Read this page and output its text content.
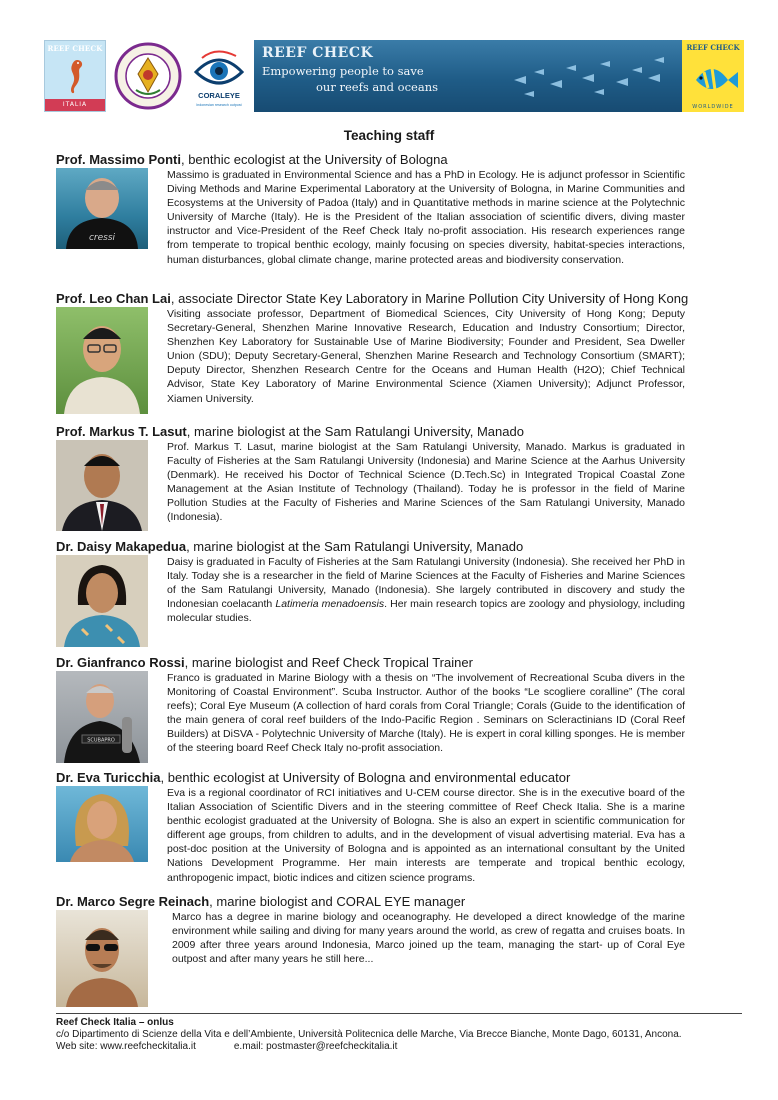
REEF CHECK
ITALIA
CORALEYE
Indonesian research outpost
REEF CHECK
Empowering people to save
our reefs and oceans
REEF CHECK
WORLDWIDE
Teaching staff
Prof. Massimo Ponti, benthic ecologist at the University of Bologna
cressi
Massimo is graduated in Environmental Science and has a PhD in Ecology. He is adjunct professor in Scientific Diving Methods and Marine Experimental Laboratory at the University of Bologna, in Marine Communities and Ecosystems at the University of Padoa (Italy) and in Quantitative methods in marine science at the Polytechnic University of Marche (Italy). He is the President of the Italian association of scientific divers, diving master instructor and Vice-President of the Reef Check Italy no-profit association. His research experiences range from temperate to tropical benthic ecology, mainly focusing on species diversity, habitat-species interactions, human disturbances, global climate change, marine protected areas and biodiversity conservation.
Prof. Leo Chan Lai, associate Director State Key Laboratory in Marine Pollution City University of Hong Kong
Visiting associate professor, Department of Biomedical Sciences, City University of Hong Kong; Deputy Secretary-General, Shenzhen Marine Innovative Research, Education and Industry Consortium; Director, Shenzhen Key Laboratory for Sustainable Use of Marine Biodiversity; Founder and President, Sea Dweller Union (SDU); Deputy Secretary-General, Shenzhen Marine Research and Technology Consortium (SMART); Deputy Director, Shenzhen Research Centre for the Oceans and Human Health (H2O); Chief Technical Advisor, State Key Laboratory of Marine Environmental Science (Xiamen University); Adjunct Professor, Xiamen University.
Prof. Markus T. Lasut, marine biologist at the Sam Ratulangi University, Manado
Prof. Markus T. Lasut, marine biologist at the Sam Ratulangi University, Manado. Markus is graduated in Faculty of Fisheries at the Sam Ratulangi University (Indonesia) and Marine Science at the Aarhus University (Denmark). He received his Doctor of Technical Science (D.Tech.Sc) in Integrated Tropical Coastal Zone Management at the Asian Institute of Technology (Thailand). Today he is professor in the field of Marine Pollution Studies at the Faculty of Fisheries and Marine Sciences of the Sam Ratulangi University, Manado (Indonesia).
Dr. Daisy Makapedua, marine biologist at the Sam Ratulangi University, Manado
Daisy is graduated in Faculty of Fisheries at the Sam Ratulangi University (Indonesia). She received her PhD in Italy. Today she is a researcher in the field of Marine Sciences at the Faculty of Fisheries and Marine Sciences of the Sam Ratulangi University, Manado (Indonesia). She largely contributed in discovery and study the Indonesian coelacanth Latimeria menadoensis. Her main research topics are zoology and physiology, including molecular studies.
Dr. Gianfranco Rossi, marine biologist and Reef Check Tropical Trainer
SCUBAPRO
Franco is graduated in Marine Biology with a thesis on “The involvement of Recreational Scuba divers in the Monitoring of Coastal Environment”. Scuba Instructor. Author of the books “Le scogliere coralline” (The coral reefs); Coral Eye Museum (A collection of hard corals from Coral Triangle; Corals (Guide to the identification of the main genera of coral reef builders of the Indo-Pacific Region . Seminars on Scleractinians ID (Coral Reef Builders) at DiSVA - Polytechnic University of Marche (Italy). He is expert in coral killing sponges. He is member of the steering board Reef Check Italy no-profit association.
Dr. Eva Turicchia, benthic ecologist at University of Bologna and environmental educator
Eva is a regional coordinator of RCI initiatives and U-CEM course director. She is in the executive board of the Italian Association of Scientific Divers and in the steering committee of Reef Check Italia. She is a marine benthic ecologist graduated at the University of Bologna. She is also an expert in scientific communication for different age groups, from children to adults, and in the development of visual advertising material. Eva has a post-doc position at the University of Bologna and is appointed as an international consultant by the United Nations Development Programme. Her main interests are temperate and tropical benthic ecology, anthropogenic impact, biotic indices and citizen science programs.
Dr. Marco Segre Reinach, marine biologist and CORAL EYE manager
Marco has a degree in marine biology and oceanography. He developed a direct knowledge of the marine environment while sailing and diving for many years around the world, as crew of regatta and cruises boats. In 2009 after three years around Indonesia, Marco joined up the team, managing the start- up of Coral Eye outpost and after many years he still here...
Reef Check Italia – onlus
c/o Dipartimento di Scienze della Vita e dell’Ambiente, Università Politecnica delle Marche, Via Brecce Bianche, Monte Dago, 60131, Ancona.
Web site: www.reefcheckitalia.it	e.mail: postmaster@reefcheckitalia.it
